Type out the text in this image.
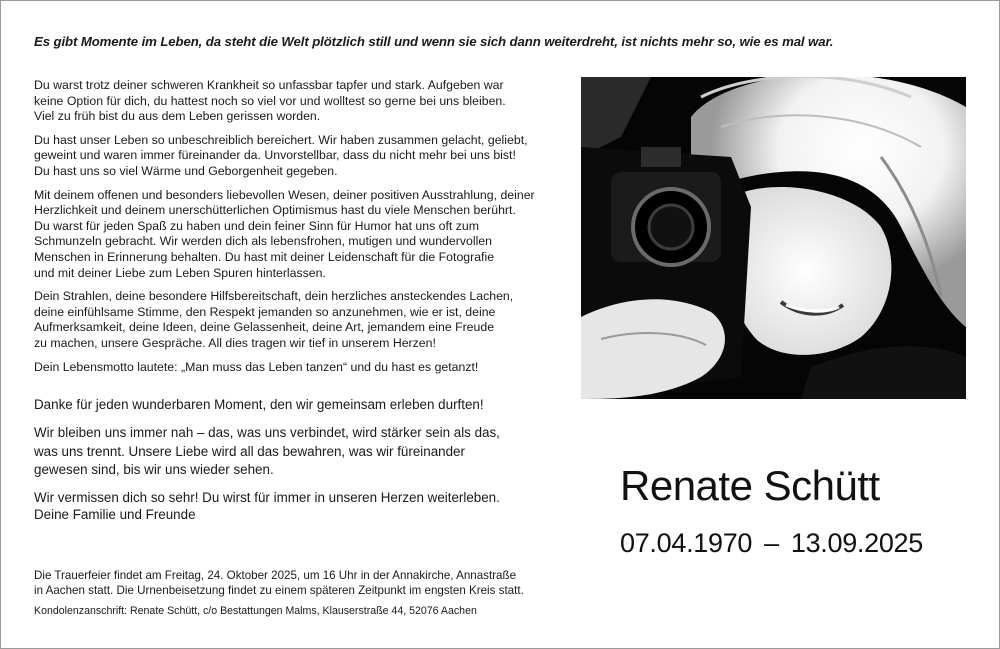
Es gibt Momente im Leben, da steht die Welt plötzlich still und wenn sie sich dann weiterdreht, ist nichts mehr so, wie es mal war.

Du warst trotz deiner schweren Krankheit so unfassbar tapfer und stark. Aufgeben war
keine Option für dich, du hattest noch so viel vor und wolltest so gerne bei uns bleiben.
Viel zu früh bist du aus dem Leben gerissen worden.

Du hast unser Leben so unbeschreiblich bereichert. Wir haben zusammen gelacht, geliebt,
geweint und waren immer füreinander da. Unvorstellbar, dass du nicht mehr bei uns bist!
Du hast uns so viel Wärme und Geborgenheit gegeben.

Mit deinem offenen und besonders liebevollen Wesen, deiner positiven Ausstrahlung, deiner
Herzlichkeit und deinem unerschütterlichen Optimismus hast du viele Menschen berührt.
Du warst für jeden Spaß zu haben und dein feiner Sinn für Humor hat uns oft zum
Schmunzeln gebracht. Wir werden dich als lebensfrohen, mutigen und wundervollen
Menschen in Erinnerung behalten. Du hast mit deiner Leidenschaft für die Fotografie
und mit deiner Liebe zum Leben Spuren hinterlassen.

Dein Strahlen, deine besondere Hilfsbereitschaft, dein herzliches ansteckendes Lachen,
deine einfühlsame Stimme, den Respekt jemanden so anzunehmen, wie er ist, deine
Aufmerksamkeit, deine Ideen, deine Gelassenheit, deine Art, jemandem eine Freude
zu machen, unsere Gespräche. All dies tragen wir tief in unserem Herzen!

Dein Lebensmotto lautete: „Man muss das Leben tanzen“ und du hast es getanzt!

Danke für jeden wunderbaren Moment, den wir gemeinsam erleben durften!

Wir bleiben uns immer nah – das, was uns verbindet, wird stärker sein als das,
was uns trennt. Unsere Liebe wird all das bewahren, was wir füreinander
gewesen sind, bis wir uns wieder sehen.

Wir vermissen dich so sehr! Du wirst für immer in unseren Herzen weiterleben.
Deine Familie und Freunde

Die Trauerfeier findet am Freitag, 24. Oktober 2025, um 16 Uhr in der Annakirche, Annastraße
in Aachen statt. Die Urnenbeisetzung findet zu einem späteren Zeitpunkt im engsten Kreis statt.
Kondolenzanschrift: Renate Schütt, c/o Bestattungen Malms, Klauserstraße 44, 52076 Aachen
Renate Schütt
07.04.1970 – 13.09.2025
